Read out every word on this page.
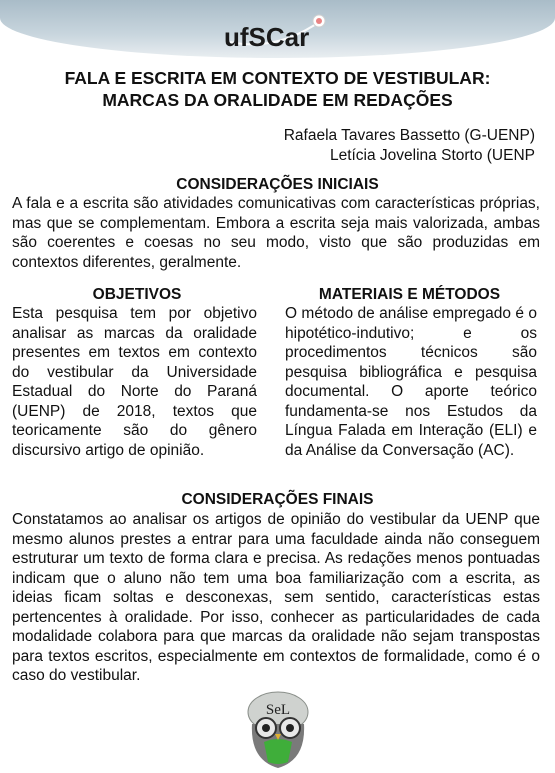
ufSCar
FALA E ESCRITA EM CONTEXTO DE VESTIBULAR:
MARCAS DA ORALIDADE EM REDAÇÕES
Rafaela Tavares Bassetto (G-UENP)
Letícia Jovelina Storto (UENP
CONSIDERAÇÕES INICIAIS

A fala e a escrita são atividades comunicativas com características próprias, mas que se complementam. Embora a escrita seja mais valorizada, ambas são coerentes e coesas no seu modo, visto que são produzidas em contextos diferentes, geralmente.

OBJETIVOS

Esta pesquisa tem por objetivo analisar as marcas da oralidade presentes em textos em contexto do vestibular da Universidade Estadual do Norte do Paraná (UENP) de 2018, textos que teoricamente são do gênero discursivo artigo de opinião.

MATERIAIS E MÉTODOS

O método de análise empregado é o hipotético-indutivo; e os procedimentos técnicos são pesquisa bibliográfica e pesquisa documental. O aporte teórico fundamenta-se nos Estudos da Língua Falada em Interação (ELI) e da Análise da Conversação (AC).

CONSIDERAÇÕES FINAIS

Constatamos ao analisar os artigos de opinião do vestibular da UENP que mesmo alunos prestes a entrar para uma faculdade ainda não conseguem estruturar um texto de forma clara e precisa. As redações menos pontuadas indicam que o aluno não tem uma boa familiarização com a escrita, as ideias ficam soltas e desconexas, sem sentido, características estas pertencentes à oralidade. Por isso, conhecer as particularidades de cada modalidade colabora para que marcas da oralidade não sejam transpostas para textos escritos, especialmente em contextos de formalidade, como é o caso do vestibular.

SeL
